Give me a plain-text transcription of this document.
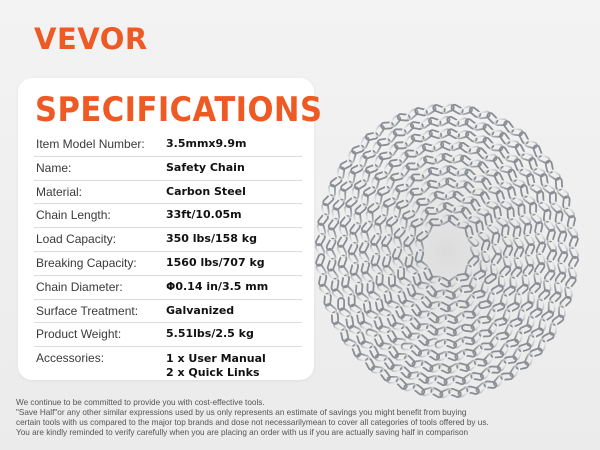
VEVOR
SPECIFICATIONS
Item Model Number: 3.5mmx9.9m
Name:	Safety Chain
Material:	Carbon Steel
Chain Length:	33ft/10.05m
Load Capacity:	350 lbs/158 kg
Breaking Capacity:	1560 lbs/707 kg
Chain Diameter:	Φ0.14 in/3.5 mm
Surface Treatment:	Galvanized
Product Weight:	5.51lbs/2.5 kg
Accessories:	1 x User Manual
2 x Quick Links
We continue to be committed to provide you with cost-effective tools.
"Save Half"or any other similar expressions used by us only represents an estimate of savings you might benefit from buying
certain tools with us compared to the major top brands and dose not necessarilymean to cover all categories of tools offered by us.
You are kindly reminded to verify carefully when you are placing an order with us if you are actually saving half in comparison
